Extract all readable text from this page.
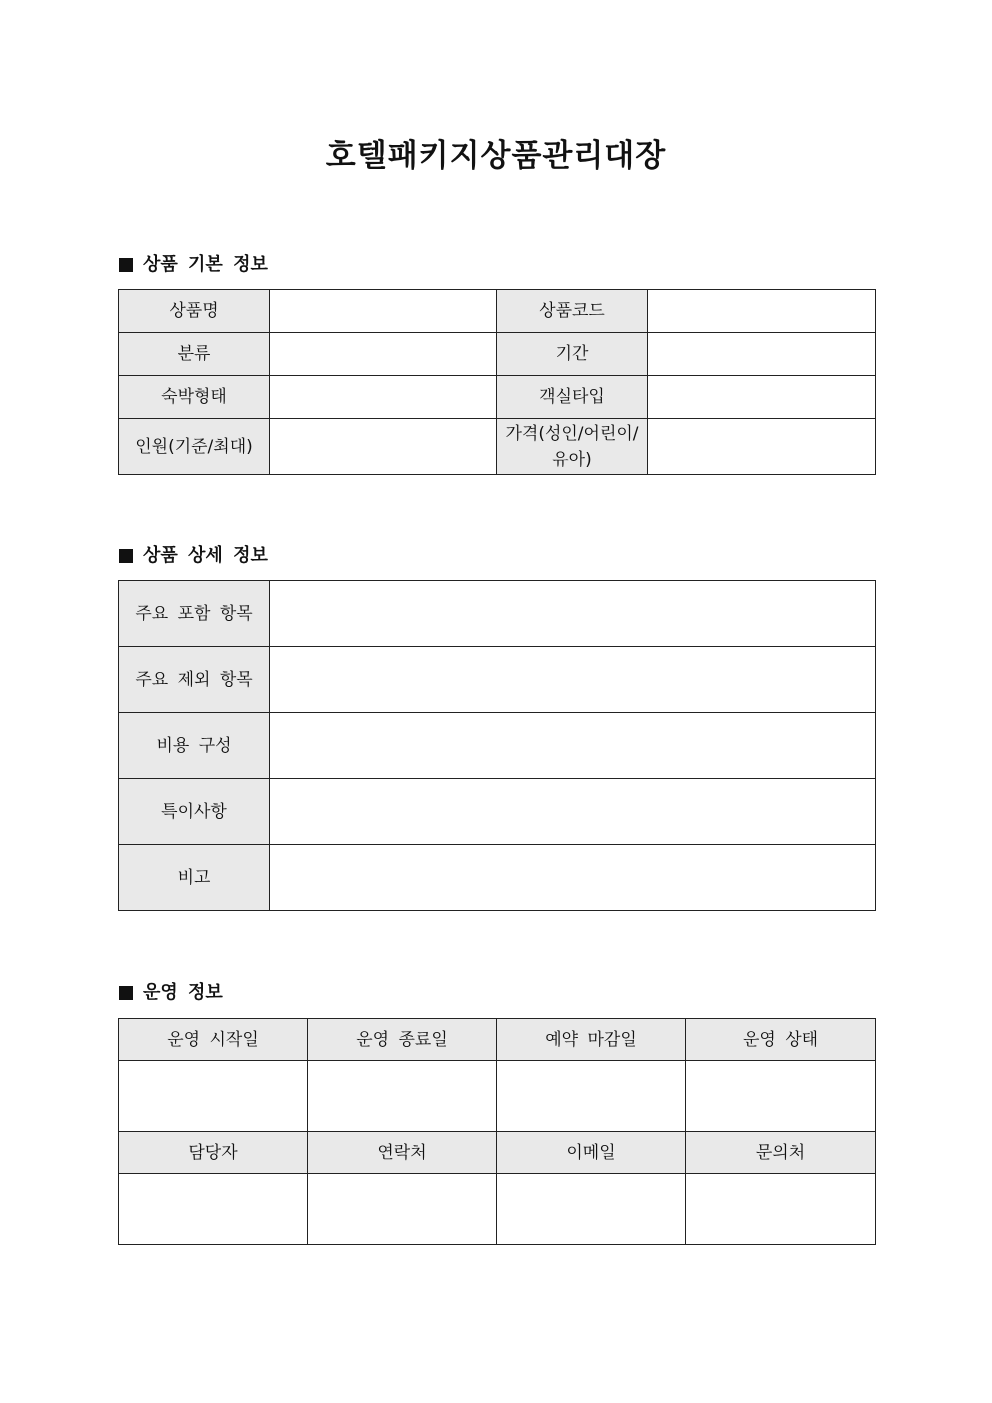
호텔패키지상품관리대장
상품 기본 정보
상품명		상품코드	
분류		기간	
숙박형태		객실타입	
인원(기준/최대)		가격(성인/어린이/유아)	
상품 상세 정보
주요 포함 항목	
주요 제외 항목	
비용 구성	
특이사항	
비고	
운영 정보
운영 시작일	운영 종료일	예약 마감일	운영 상태

담당자	연락처	이메일	문의처
